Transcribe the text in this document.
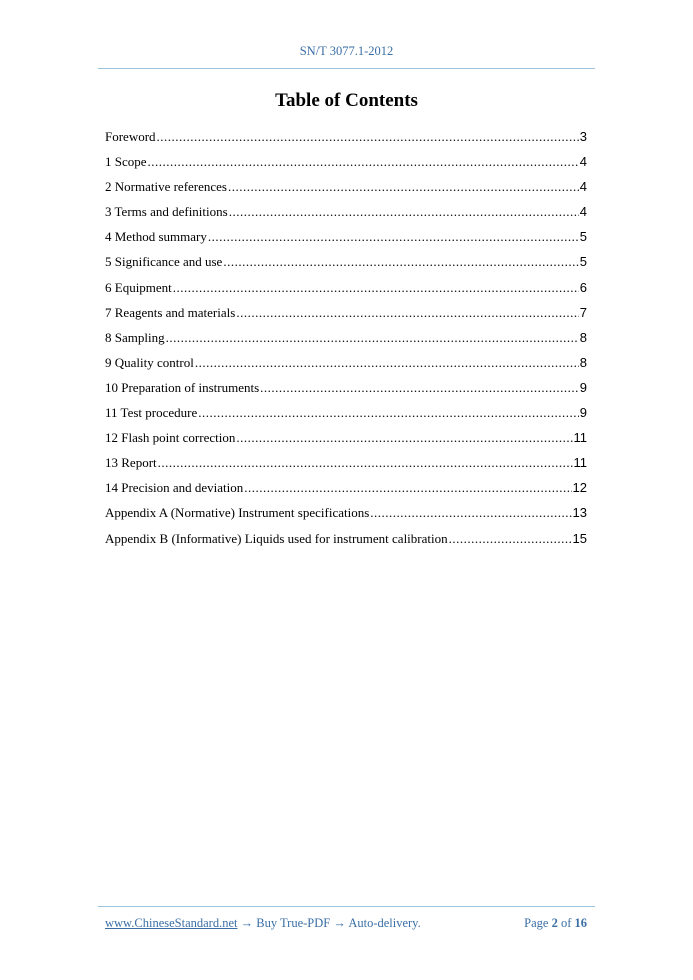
SN/T 3077.1-2012
Table of Contents
Foreword .....	3
1 Scope .....	4
2 Normative references .....	4
3 Terms and definitions .....	4
4 Method summary .....	5
5 Significance and use .....	5
6 Equipment .....	6
7 Reagents and materials .....	7
8 Sampling .....	8
9 Quality control .....	8
10 Preparation of instruments .....	9
11 Test procedure .....	9
12 Flash point correction .....	11
13 Report .....	11
14 Precision and deviation .....	12
Appendix A (Normative) Instrument specifications .....	13
Appendix B (Informative) Liquids used for instrument calibration .....	15
www.ChineseStandard.net → Buy True-PDF → Auto-delivery.	Page 2 of 16
